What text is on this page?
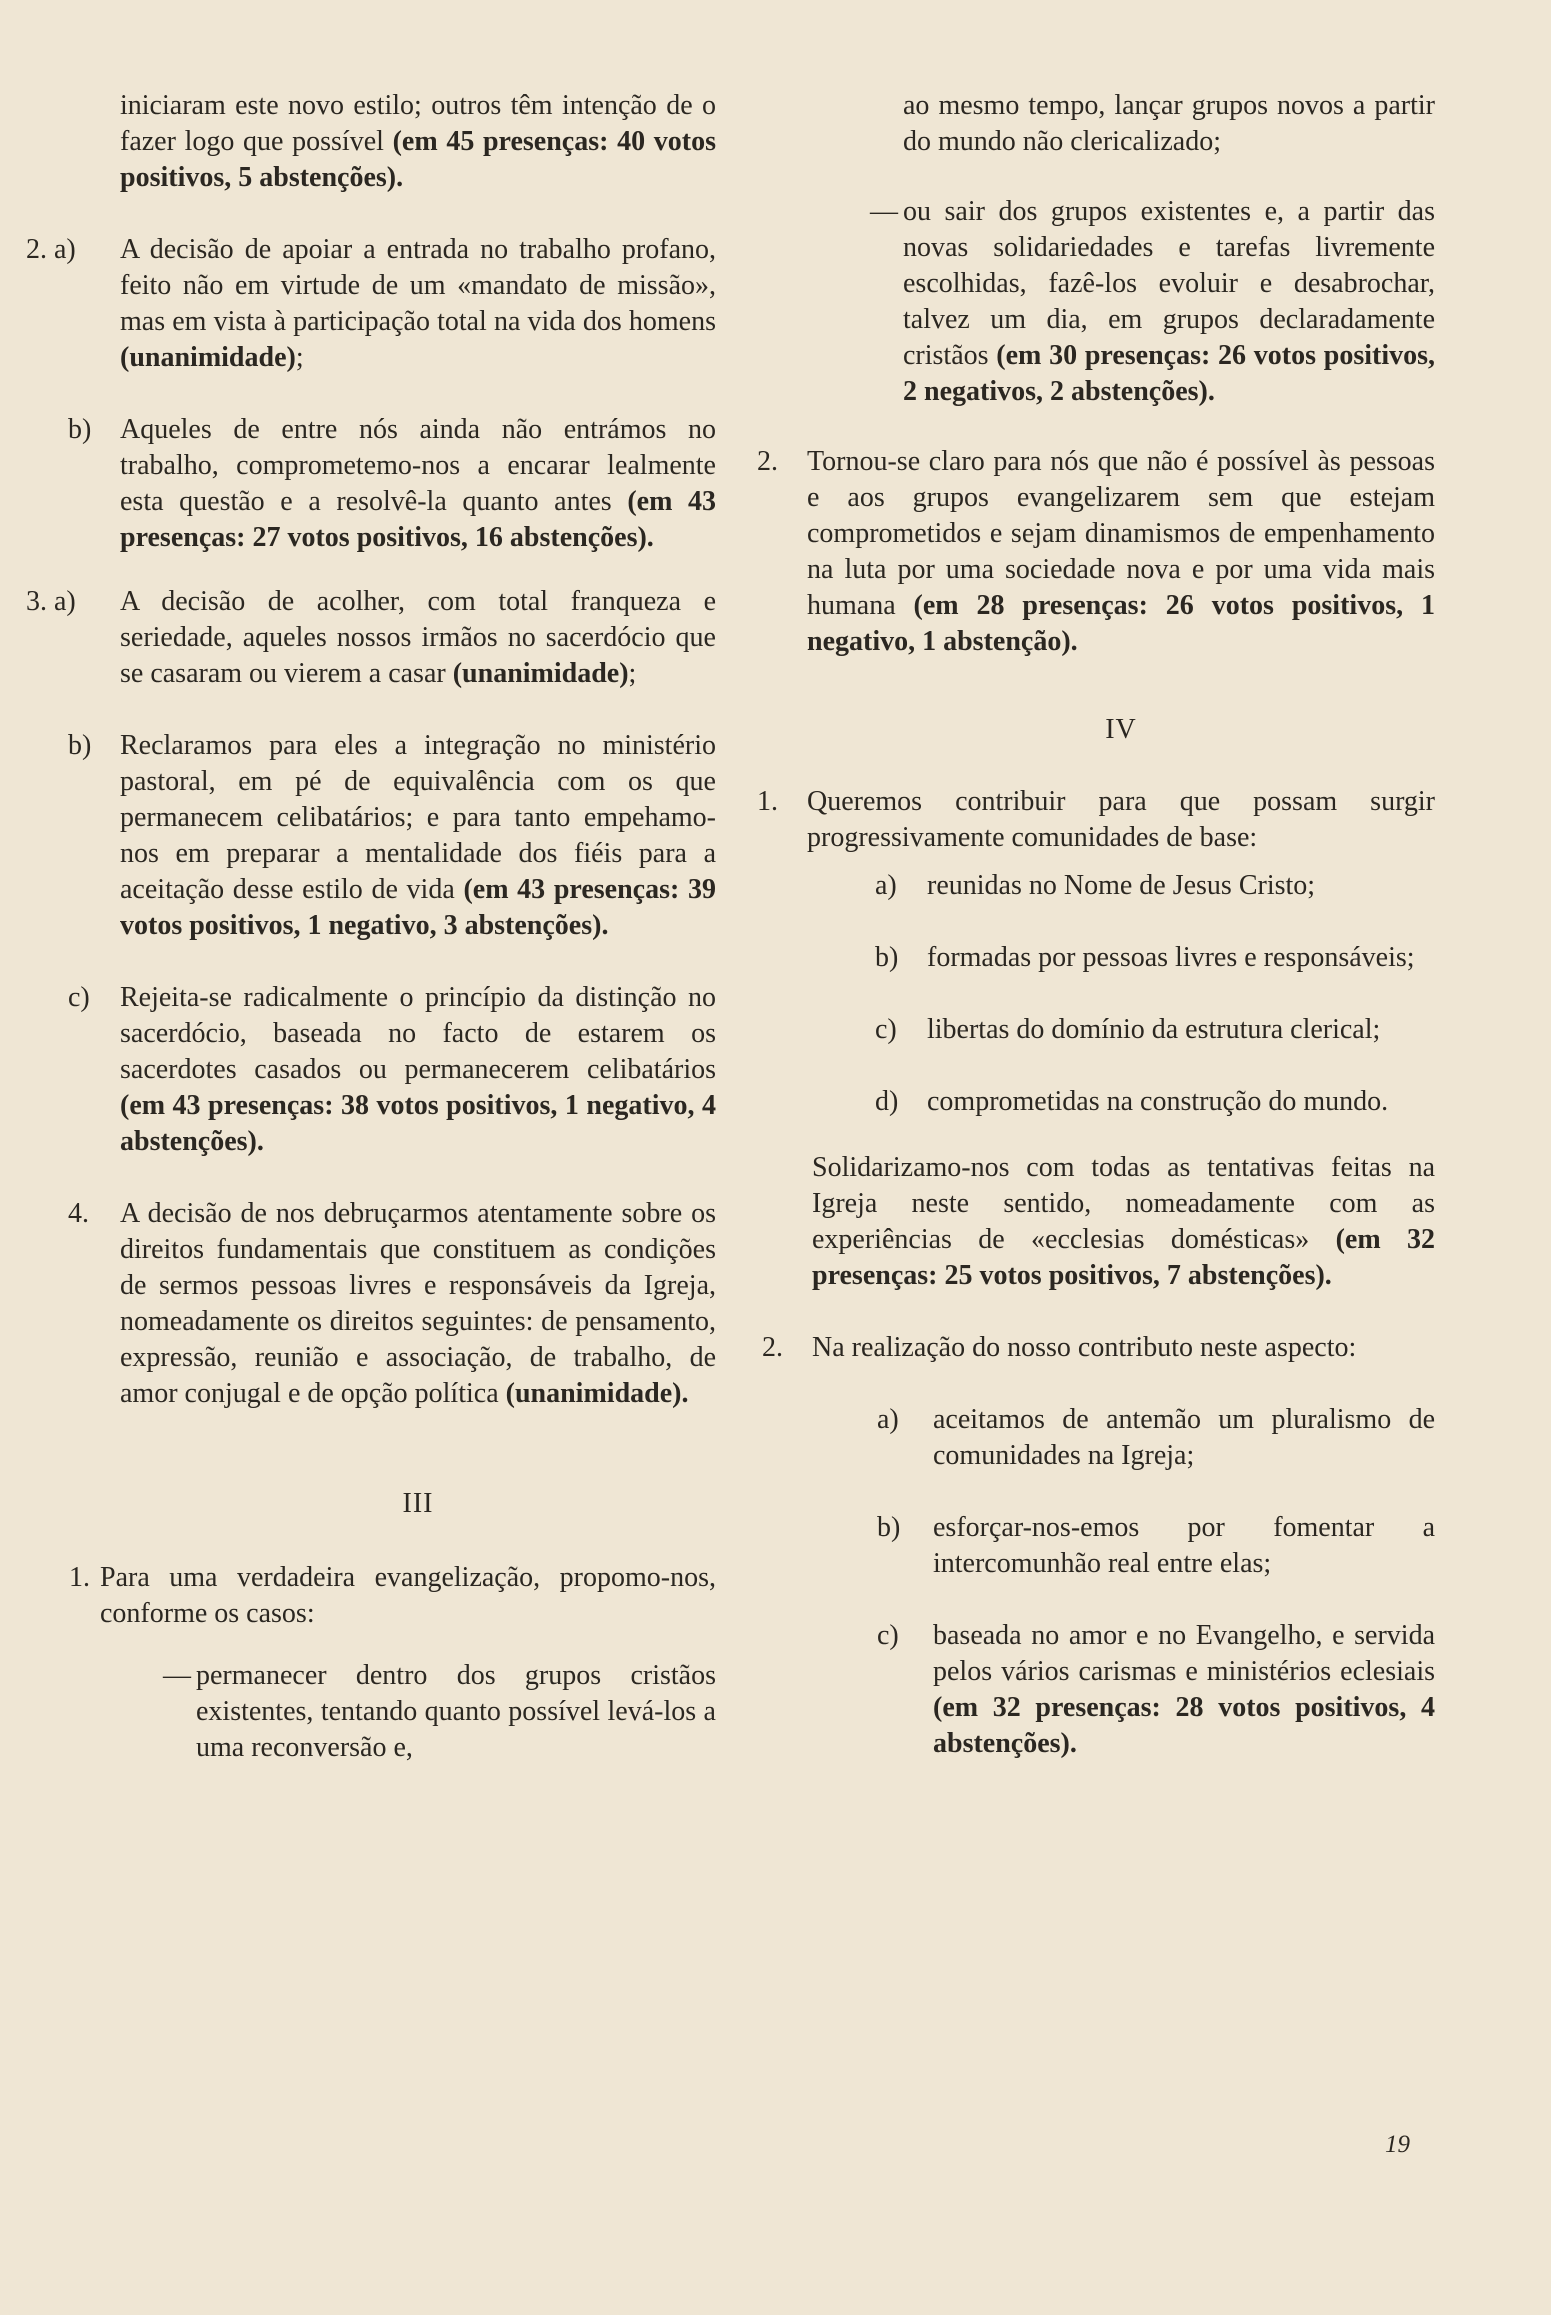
iniciaram este novo estilo; outros têm intenção de o fazer logo que possível (em 45 presenças: 40 votos positivos, 5 abstenções).
2. a) A decisão de apoiar a entrada no trabalho profano, feito não em virtude de um «mandato de missão», mas em vista à participação total na vida dos homens (unanimidade);
b) Aqueles de entre nós ainda não entrámos no trabalho, comprometemo-nos a encarar lealmente esta questão e a resolvê-la quanto antes (em 43 presenças: 27 votos positivos, 16 abstenções).
3. a) A decisão de acolher, com total franqueza e seriedade, aqueles nossos irmãos no sacerdócio que se casaram ou vierem a casar (unanimidade);
b) Reclaramos para eles a integração no ministério pastoral, em pé de equivalência com os que permanecem celibatários; e para tanto empehamo-nos em preparar a mentalidade dos fiéis para a aceitação desse estilo de vida (em 43 presenças: 39 votos positivos, 1 negativo, 3 abstenções).
c) Rejeita-se radicalmente o princípio da distinção no sacerdócio, baseada no facto de estarem os sacerdotes casados ou permanecerem celibatários (em 43 presenças: 38 votos positivos, 1 negativo, 4 abstenções).
4. A decisão de nos debruçarmos atentamente sobre os direitos fundamentais que constituem as condições de sermos pessoas livres e responsáveis da Igreja, nomeadamente os direitos seguintes: de pensamento, expressão, reunião e associação, de trabalho, de amor conjugal e de opção política (unanimidade).
III
1. Para uma verdadeira evangelização, propomo-nos, conforme os casos:
— permanecer dentro dos grupos cristãos existentes, tentando quanto possível levá-los a uma reconversão e,
ao mesmo tempo, lançar grupos novos a partir do mundo não clericalizado;
— ou sair dos grupos existentes e, a partir das novas solidariedades e tarefas livremente escolhidas, fazê-los evoluir e desabrochar, talvez um dia, em grupos declaradamente cristãos (em 30 presenças: 26 votos positivos, 2 negativos, 2 abstenções).
2. Tornou-se claro para nós que não é possível às pessoas e aos grupos evangelizarem sem que estejam comprometidos e sejam dinamismos de empenhamento na luta por uma sociedade nova e por uma vida mais humana (em 28 presenças: 26 votos positivos, 1 negativo, 1 abstenção).
IV
1. Queremos contribuir para que possam surgir progressivamente comunidades de base:
a) reunidas no Nome de Jesus Cristo;
b) formadas por pessoas livres e responsáveis;
c) libertas do domínio da estrutura clerical;
d) comprometidas na construção do mundo.
Solidarizamo-nos com todas as tentativas feitas na Igreja neste sentido, nomeadamente com as experiências de «ecclesias domésticas» (em 32 presenças: 25 votos positivos, 7 abstenções).
2. Na realização do nosso contributo neste aspecto:
a) aceitamos de antemão um pluralismo de comunidades na Igreja;
b) esforçar-nos-emos por fomentar a intercomunhão real entre elas;
c) baseada no amor e no Evangelho, e servida pelos vários carismas e ministérios eclesiais (em 32 presenças: 28 votos positivos, 4 abstenções).
19
